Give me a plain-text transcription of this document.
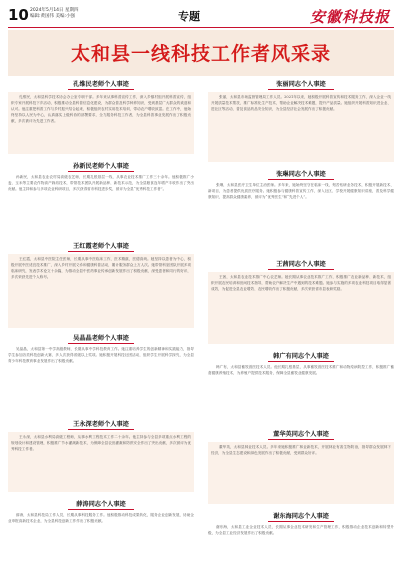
10 2024年5月14日 星期四
编辑:黄国伟 美编:小强	专题	安徽科技报
太和县一线科技工作者风采录
孔维民老师个人事迹
孔维民，太和县科学技术协会办公室专职干部。多年来从事科普宣传工作，深入乡镇村组开展科普宣传，组织专家开展科技下乡活动，积极推动全县科普信息化建设，为群众普及科学种养知识，受到基层广大群众的欢迎和认可。他注重把科普工作与乡村振兴结合起来，积极组织农村实用技术培训，带动农户增收致富。在工作中，他始终坚持以人民为中心，认真落实上级科协的部署要求，全力服务科技工作者，为全县科普事业发展作出了积极贡献，多次被评为先进工作者。
孙新民老师个人事迹
孙新民，太和县农业农村局高级农艺师，长期扎根基层一线，从事农业技术推广工作三十余年。他积极推广小麦、玉米等主要农作物高产栽培技术，带领技术团队开展新品种、新技术示范，为全县粮食连年增产丰收作出了突出贡献。他主持和参与多项农业科研项目，多次获得省市科技进步奖，被评为全县“优秀科技工作者”。
王红霞老师个人事迹
王红霞，太和县中医院主任医师，长期从事中医临床工作，医术精湛，医德高尚。她坚持以患者为中心，积极开展中医适宜技术推广，深入乡村开展义诊和健康科普活动，累计服务群众上万人次。她带领科室团队开展多项临床研究，发表学术论文十余篇，为推动全县中医药事业传承创新发展作出了积极贡献，深受患者和同行的好评，多次荣获先进个人称号。
吴晶晶老师个人事迹
吴晶晶，太和县第一中学高级教师，长期从事中学科技教育工作。她注重培养学生的创新精神和实践能力，指导学生参加各类科技创新大赛，多人次获得省级以上奖项。她积极开展科技社团活动，组织学生开展科学探究，为全县青少年科技教育事业发展作出了积极贡献。
王永深老师个人事迹
王永深，太和县水利局高级工程师，从事水利工程技术工作二十余年。他主持参与全县多项重点水利工程的规划设计和建设管理，积极推广节水灌溉新技术，为保障全县农田灌溉和防汛安全作出了突出贡献，多次被评为优秀科技工作者。
薛涛同志个人事迹
薛涛，太和县科技局工作人员，长期从事科技服务工作。他积极推动科技成果转化，服务企业创新发展，协助企业申报高新技术企业，为全县科技创新工作作出了积极贡献。
张丽同志个人事迹
张丽，太和县市场监督管理局工作人员。2021年以来，她积极开展科普宣传和技术服务工作，深入企业一线开展质量技术帮扶，推广标准化生产技术，帮助企业解决技术难题，提升产品质量。她组织开展科普知识进企业、进社区等活动，普及食品药品安全知识，为全县经济社会发展作出了积极贡献。
张琳同志个人事迹
张琳，太和县医疗卫生单位主治医师。多年来，她始终坚守在临床一线，刻苦钻研业务技术，积极开展新技术、新项目，为患者提供优质医疗服务。她积极参与健康科普宣传工作，深入社区、学校开展健康知识讲座，普及科学健康知识，提高群众健康素养，被评为“优秀医生”和“先进个人”。
王茜同志个人事迹
王茜，太和县农业技术推广中心农艺师。她长期从事农业技术推广工作，积极推广农业新品种、新技术，组织开展农民培训和田间技术指导，帮助农户解决生产中遇到的技术难题。她参与实施的多项农业科技项目取得显著成效，为促进全县农业增效、农民增收作出了积极贡献，多次荣获省市县表彰奖励。
韩广有同志个人事迹
韩广有，太和县畜牧兽医技术人员。他长期扎根基层，从事畜牧兽医技术推广和动物疫病防控工作，积极推广畜禽健康养殖技术，为养殖户提供技术服务，保障全县畜牧业健康发展。
董华英同志个人事迹
董华英，太和县林业技术人员。多年来她积极推广林业新技术，开展林业有害生物防治，指导群众发展林下经济，为全县生态建设和绿色发展作出了积极贡献，受到群众好评。
谢东海同志个人事迹
谢东海，太和县工业企业技术人员，长期从事企业技术研发和生产管理工作，积极推动企业技术创新和转型升级，为全县工业经济发展作出了积极贡献。
